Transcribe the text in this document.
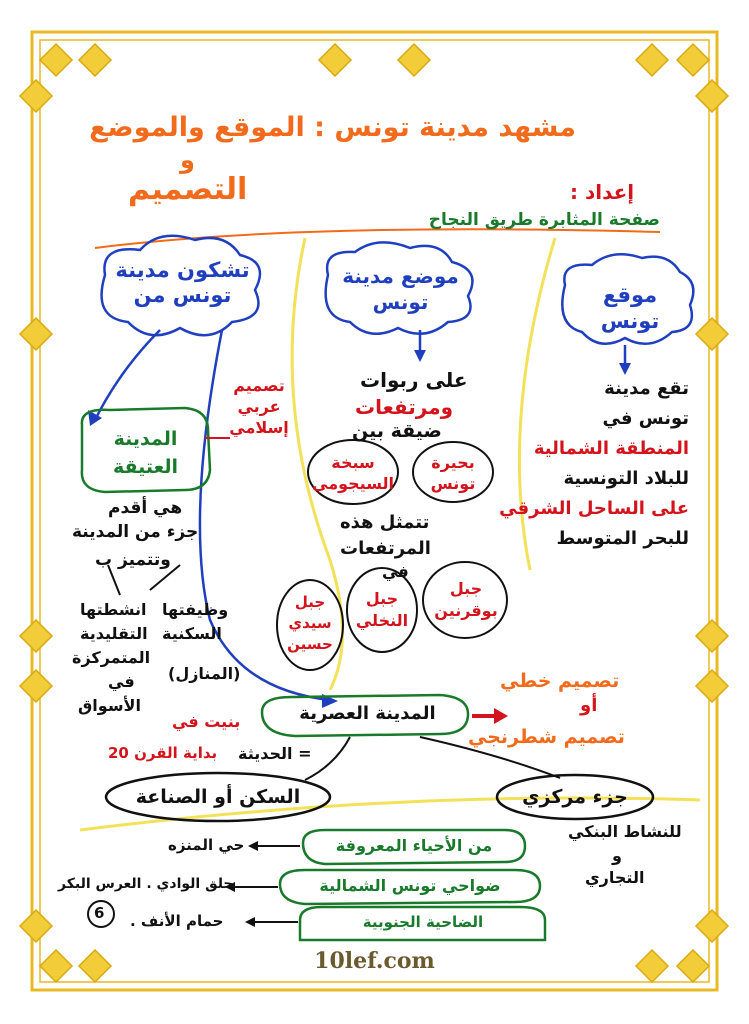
مشهد مدينة تونس : الموقع والموضع
و
التصميم	إعداد :
صفحة المثابرة طريق النجاح
تشكون مدينة تونس من
موضع مدينة تونس	موقع تونس
تقع مدينة
تونس في
المنطقة الشمالية
للبلاد التونسية
على الساحل الشرقي
للبحر المتوسط
على ربوات
ومرتفعات
ضيقة بين
بحيرة تونس
سبخة السيجومي
تتمثل هذه
المرتفعات
في
جبل بوقرنين
جبل النخلي
جبل سيدي حسين
المدينة العتيقة
تصميم عربي إسلامي
هي أقدم
جزء من المدينة
وتتميز ب
وظيفتها
السكنية
(المنازل)
انشطتها
التقليدية
المتمركزة
في
الأسواق	المدينة العصرية
بنيت في
= الحديثة
بداية القرن 20
تصميم خطي
أو
تصميم شطرنجي
السكن أو الصناعة	جزء مركزي
للنشاط البنكي
و
التجاري
من الأحياء المعروفة
ضواحي تونس الشمالية
الضاحية الجنوبية
حي المنزه
حلق الوادي . العرس البكر
حمام الأنف .
6
10lef.com
